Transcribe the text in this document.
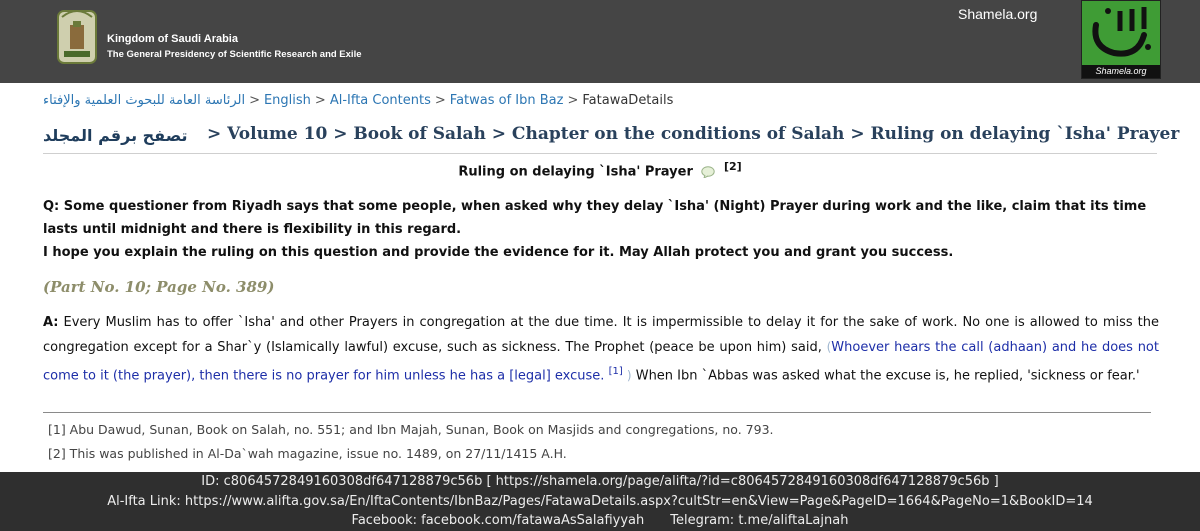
Kingdom of Saudi Arabia
The General Presidency of Scientific Research and Exile
Shamela.org
Shamela.org
الرئاسة العامة للبحوث العلمية والإفتاء > English > Al-Ifta Contents > Fatwas of Ibn Baz > FatawaDetails
تصفح برقم المجلد > Volume 10 > Book of Salah > Chapter on the conditions of Salah > Ruling on delaying `Isha' Prayer
Ruling on delaying `Isha' Prayer	[2]
Q: Some questioner from Riyadh says that some people, when asked why they delay `Isha' (Night) Prayer during work and the like, claim that its time lasts until midnight and there is flexibility in this regard.
I hope you explain the ruling on this question and provide the evidence for it. May Allah protect you and grant you success.
(Part No. 10; Page No. 389)
A: Every Muslim has to offer `Isha' and other Prayers in congregation at the due time. It is impermissible to delay it for the sake of work. No one is allowed to miss the congregation except for a Shar`y (Islamically lawful) excuse, such as sickness. The Prophet (peace be upon him) said, (Whoever hears the call (adhaan) and he does not come to it (the prayer), then there is no prayer for him unless he has a [legal] excuse. [1] ) When Ibn `Abbas was asked what the excuse is, he replied, 'sickness or fear.'
[1] Abu Dawud, Sunan, Book on Salah, no. 551; and Ibn Majah, Sunan, Book on Masjids and congregations, no. 793.
[2] This was published in Al-Da`wah magazine, issue no. 1489, on 27/11/1415 A.H.
ID: c8064572849160308df647128879c56b [ https://shamela.org/page/alifta/?id=c8064572849160308df647128879c56b ]
Al-Ifta Link: https://www.alifta.gov.sa/En/IftaContents/IbnBaz/Pages/FatawaDetails.aspx?cultStr=en&View=Page&PageID=1664&PageNo=1&BookID=14
Facebook: facebook.com/fatawaAsSalafiyyah Telegram: t.me/aliftaLajnah
